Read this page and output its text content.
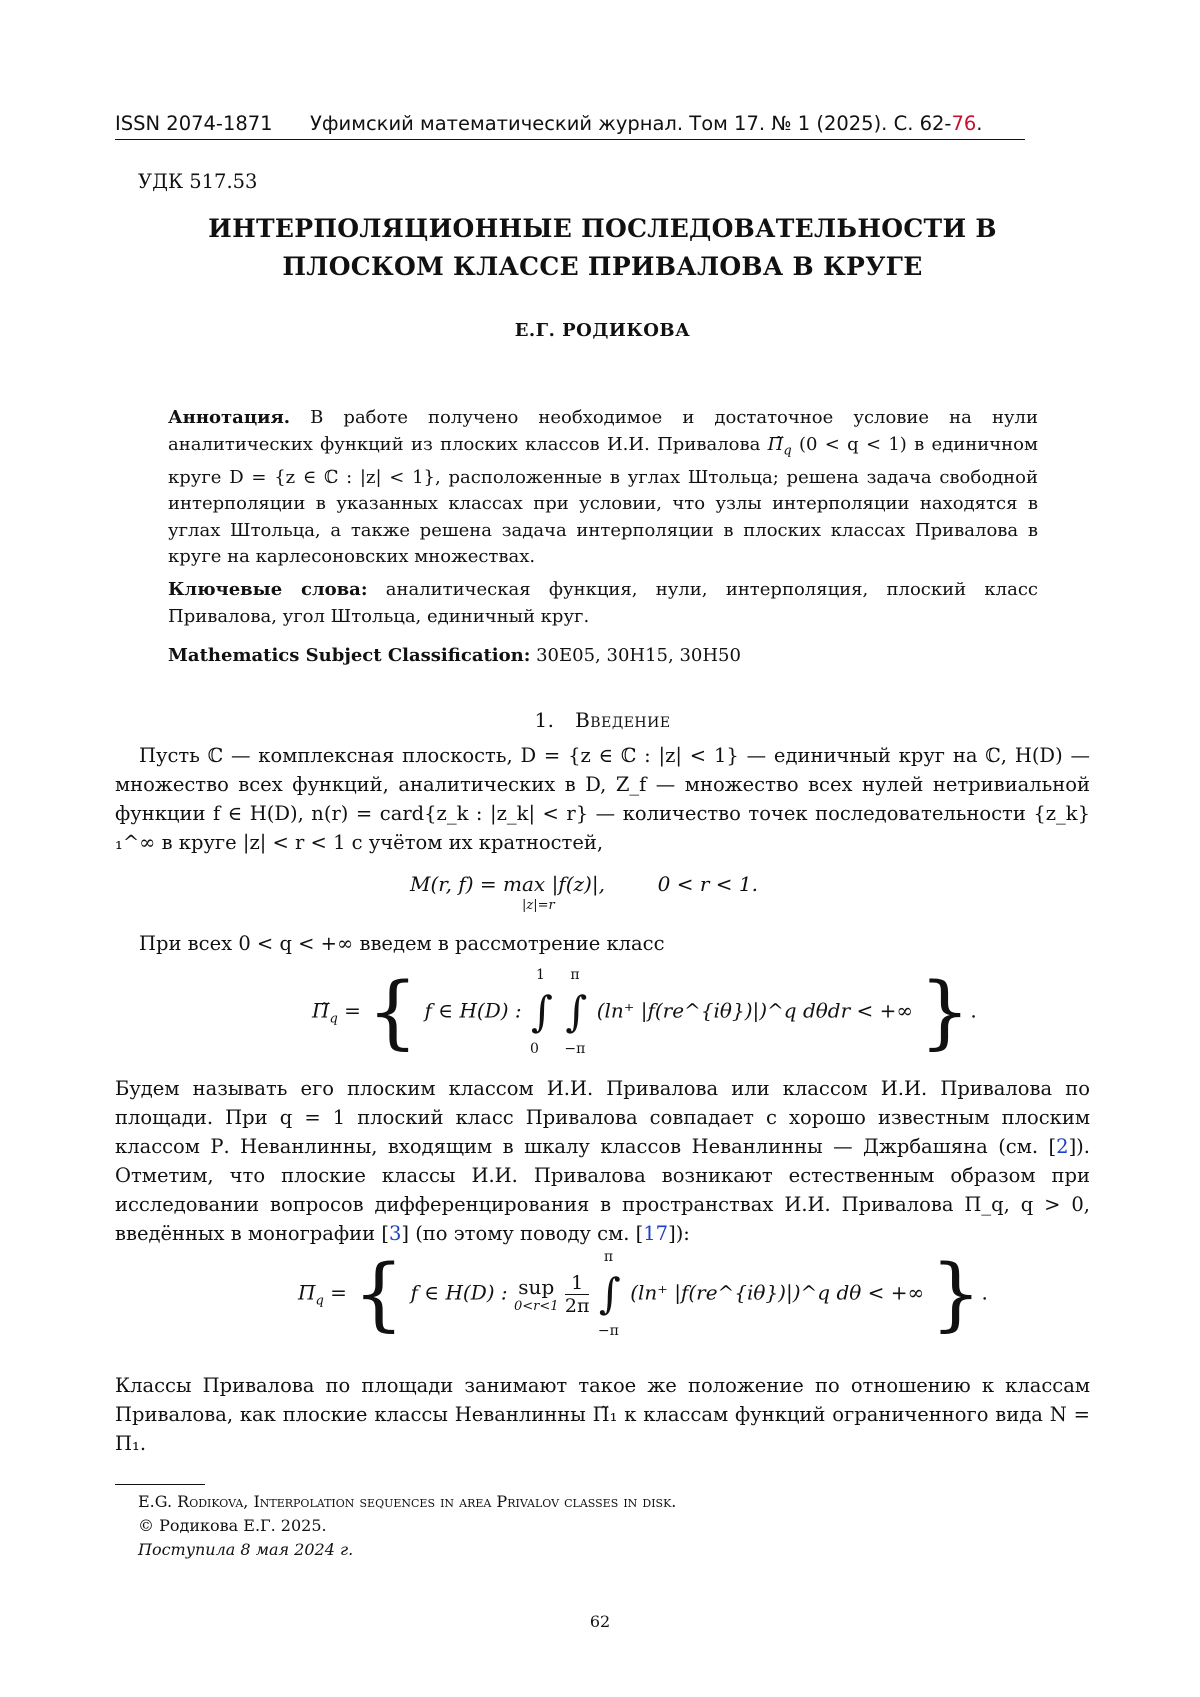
ISSN 2074-1871 Уфимский математический журнал. Том 17. № 1 (2025). С. 62-76.
УДК 517.53
ИНТЕРПОЛЯЦИОННЫЕ ПОСЛЕДОВАТЕЛЬНОСТИ В
ПЛОСКОМ КЛАССЕ ПРИВАЛОВА В КРУГЕ
Е.Г. РОДИКОВА
Аннотация. В работе получено необходимое и достаточное условие на нули аналитических функций из плоских классов И.И. Привалова $\Pĩ_q$ (0 < q < 1) в единичном круге D = {z ∈ ℂ : |z| < 1}, расположенные в углах Штольца; решена задача свободной интерполяции в указанных классах при условии, что узлы интерполяции находятся в углах Штольца, а также решена задача интерполяции в плоских классах Привалова в круге на карлесоновских множествах.
Ключевые слова: аналитическая функция, нули, интерполяция, плоский класс Привалова, угол Штольца, единичный круг.
Mathematics Subject Classification: 30E05, 30H15, 30H50
1. Введение
Пусть ℂ — комплексная плоскость, D = {z ∈ ℂ : |z| < 1} — единичный круг на ℂ, H(D) — множество всех функций, аналитических в D, Z_f — множество всех нулей нетривиальной функции f ∈ H(D), n(r) = card{z_k : |z_k| < r} — количество точек последовательности {z_k}₁^∞ в круге |z| < r < 1 с учётом их кратностей,
M(r, f) = max |f(z)|,	0 < r < 1.
|z|=r
При всех 0 < q < +∞ введем в рассмотрение класс
$\Pĩ_q$ = { f ∈ H(D) : ∫
1
0
∫
π
−π
(ln⁺ |f(re^{iθ})|)^q dθdr < +∞ }.
Будем называть его плоским классом И.И. Привалова или классом И.И. Привалова по площади. При q = 1 плоский класс Привалова совпадает с хорошо известным плоским классом Р. Неванлинны, входящим в шкалу классов Неванлинны — Джрбашяна (см. [2]). Отметим, что плоские классы И.И. Привалова возникают естественным образом при исследовании вопросов дифференцирования в пространствах И.И. Привалова Π_q, q > 0, введённых в монографии [3] (по этому поводу см. [17]):
$\Pi_q$ = { f ∈ H(D) : sup
0<r<1
$\frac{1}{2\pi}$ ∫
π
−π
(ln⁺ |f(re^{iθ})|)^q dθ < +∞ }.
Классы Привалова по площади занимают такое же положение по отношению к классам Привалова, как плоские классы Неванлинны Π̃₁ к классам функций ограниченного вида N = Π₁.
E.G. Rodikova, Interpolation sequences in area Privalov classes in disk.
© Родикова Е.Г. 2025.
Поступила 8 мая 2024 г.
62
